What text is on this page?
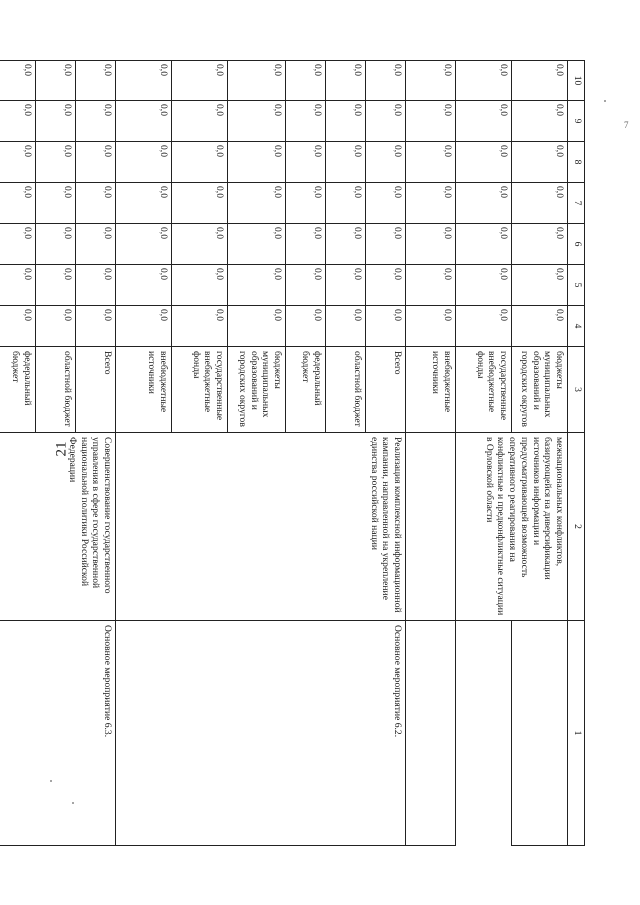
21
7
10	9	8	7	6	5	4	3	2	1
0,0	0,0	0,0	0,0	0,0	0,0	0,0	бюджеты муниципальных образований и городских округов	межнациональных конфликтов, базирующейся на диверсификации источников информации и предусматривающей возможность оперативного реагирования на конфликтные и предконфликтные ситуации в Орловской области	
0,0	0,0	0,0	0,0	0,0	0,0	0,0	государственные внебюджетные фонды		
0,0	0,0	0,0	0,0	0,0	0,0	0,0	внебюджетные источники		
0,0	0,0	0,0	0,0	0,0	0,0	0,0	Всего	Реализация комплексной информационной кампании, направленной на укрепление единства российской нации	Основное мероприятие 6.2.
0,0	0,0	0,0	0,0	0,0	0,0	0,0	областной бюджет		
0,0	0,0	0,0	0,0	0,0	0,0	0,0	федеральный бюджет		
0,0	0,0	0,0	0,0	0,0	0,0	0,0	бюджеты муниципальных образований и городских округов		
0,0	0,0	0,0	0,0	0,0	0,0	0,0	государственные внебюджетные фонды		
0,0	0,0	0,0	0,0	0,0	0,0	0,0	внебюджетные источники		
0,0	0,0	0,0	0,0	0,0	0,0	0,0	Всего	Совершенствование государственного управления в сфере государственной национальной политики Российской Федерации	Основное мероприятие 6.3.
0,0	0,0	0,0	0,0	0,0	0,0	0,0	областной бюджет		
0,0	0,0	0,0	0,0	0,0	0,0	0,0	федеральный бюджет		
